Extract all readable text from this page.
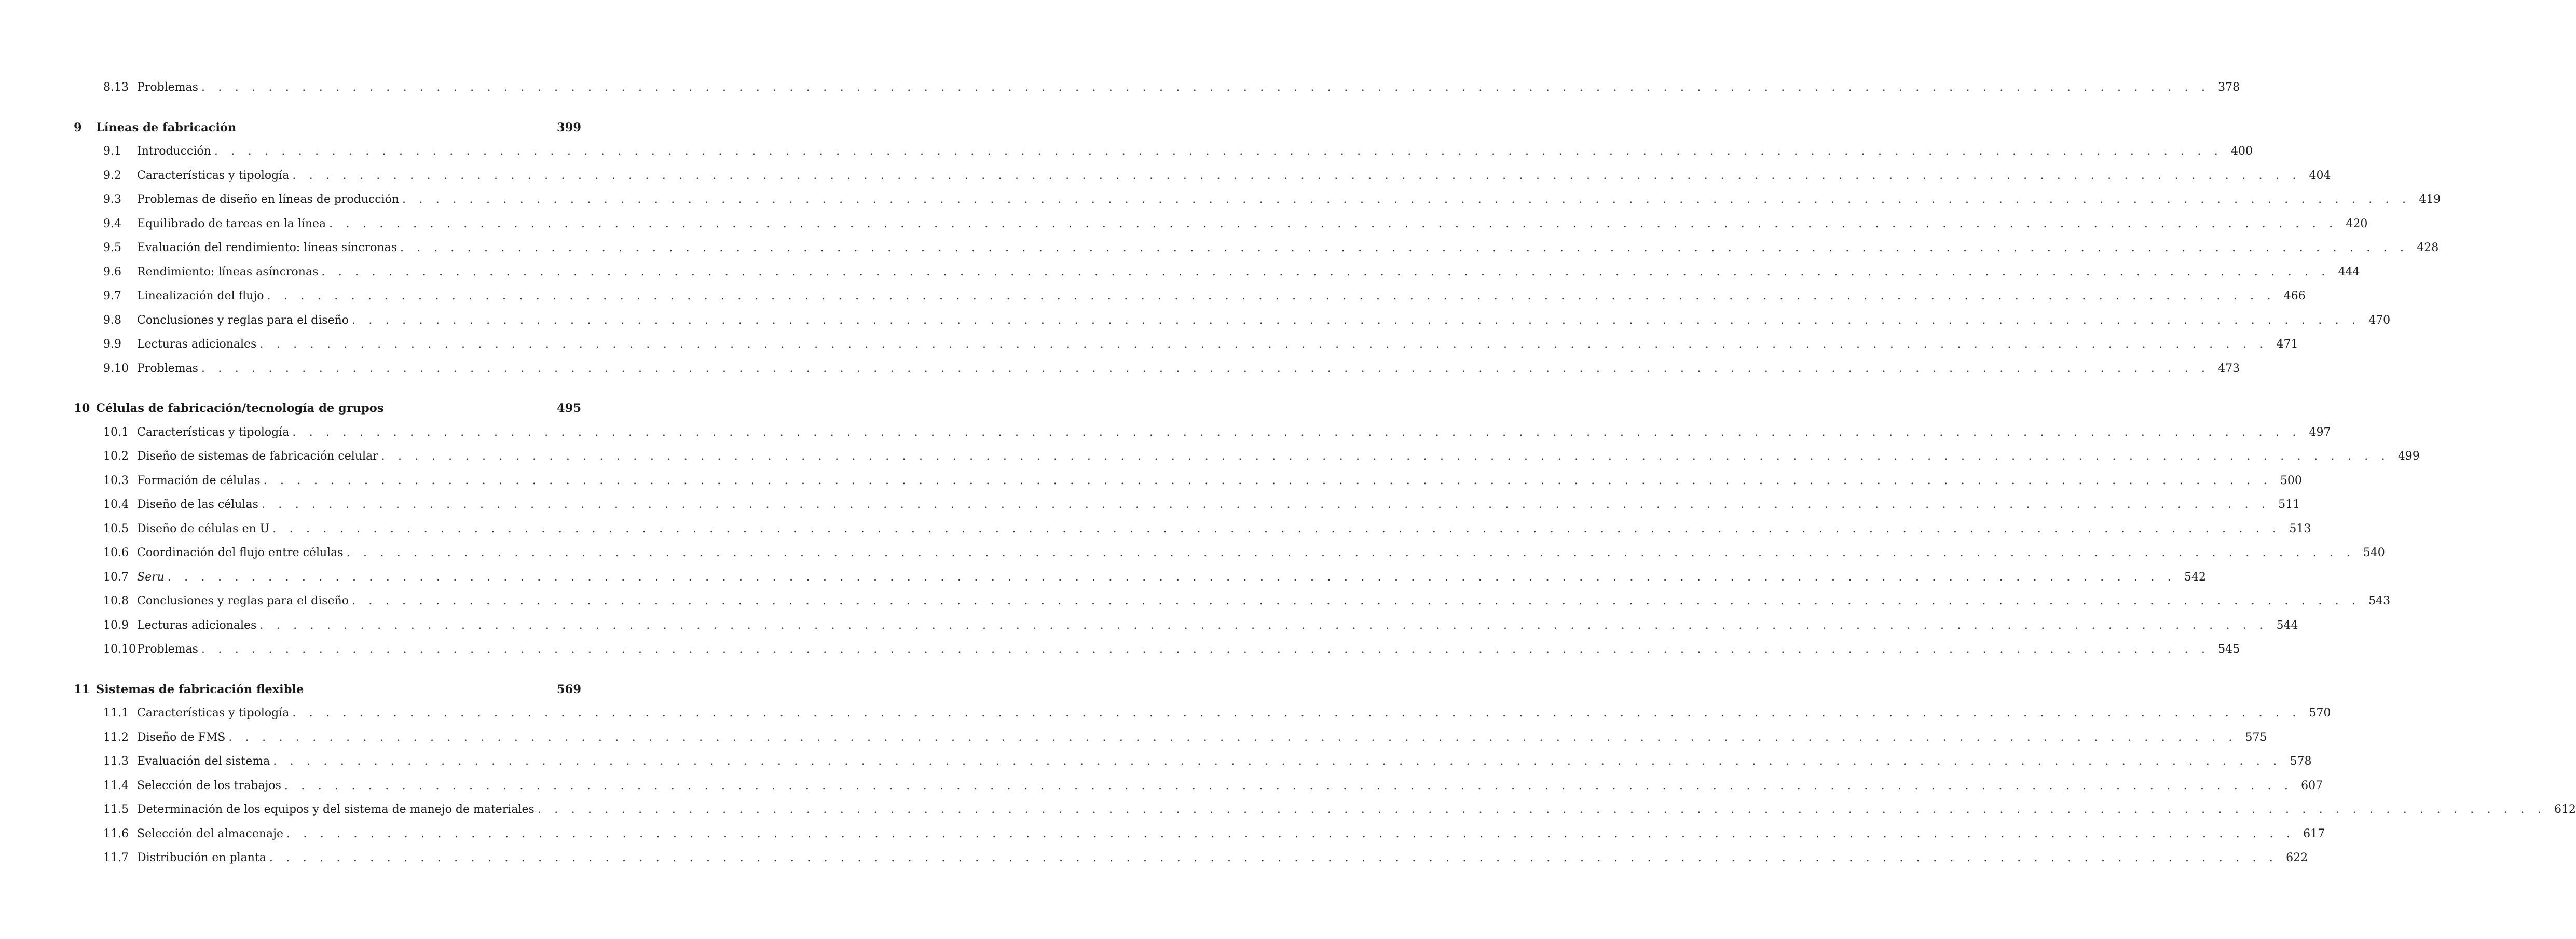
8.13 Problemas . . . . . . . . . . . . . . . . . . . . . . . . . . . . . . . . . . . . . . . . . . . . . . . . . . . . . . . . . . . . . . . . . . . . . . . . . . . . . . . . . . . . . . . . . . . . . . . . . . . . . . . . . . . . . . . . . . . . . . . . 378
9 Líneas de fabricación	399
9.1	Introducción . . . . . . . . . . . . . . . . . . . . . . . . . . . . . . . . . . . . . . . . . . . . . . . . . . . . . . . . . . . . . . . . . . . . . . . . . . . . . . . . . . . . . . . . . . . . . . . . . . . . . . . . . . . . . . . . . . . . . . . . 400
9.2	Características y tipología . . . . . . . . . . . . . . . . . . . . . . . . . . . . . . . . . . . . . . . . . . . . . . . . . . . . . . . . . . . . . . . . . . . . . . . . . . . . . . . . . . . . . . . . . . . . . . . . . . . . . . . . . . . . . . . . . . . . . . . . 404
9.3	Problemas de diseño en líneas de producción . . . . . . . . . . . . . . . . . . . . . . . . . . . . . . . . . . . . . . . . . . . . . . . . . . . . . . . . . . . . . . . . . . . . . . . . . . . . . . . . . . . . . . . . . . . . . . . . . . . . . . . . . . . . . . . . . . . . . . . . 419
9.4	Equilibrado de tareas en la línea . . . . . . . . . . . . . . . . . . . . . . . . . . . . . . . . . . . . . . . . . . . . . . . . . . . . . . . . . . . . . . . . . . . . . . . . . . . . . . . . . . . . . . . . . . . . . . . . . . . . . . . . . . . . . . . . . . . . . . . . 420
9.5	Evaluación del rendimiento: líneas síncronas . . . . . . . . . . . . . . . . . . . . . . . . . . . . . . . . . . . . . . . . . . . . . . . . . . . . . . . . . . . . . . . . . . . . . . . . . . . . . . . . . . . . . . . . . . . . . . . . . . . . . . . . . . . . . . . . . . . . . . . . 428
9.6	Rendimiento: líneas asíncronas . . . . . . . . . . . . . . . . . . . . . . . . . . . . . . . . . . . . . . . . . . . . . . . . . . . . . . . . . . . . . . . . . . . . . . . . . . . . . . . . . . . . . . . . . . . . . . . . . . . . . . . . . . . . . . . . . . . . . . . . 444
9.7	Linealización del flujo . . . . . . . . . . . . . . . . . . . . . . . . . . . . . . . . . . . . . . . . . . . . . . . . . . . . . . . . . . . . . . . . . . . . . . . . . . . . . . . . . . . . . . . . . . . . . . . . . . . . . . . . . . . . . . . . . . . . . . . . 466
9.8	Conclusiones y reglas para el diseño . . . . . . . . . . . . . . . . . . . . . . . . . . . . . . . . . . . . . . . . . . . . . . . . . . . . . . . . . . . . . . . . . . . . . . . . . . . . . . . . . . . . . . . . . . . . . . . . . . . . . . . . . . . . . . . . . . . . . . . . 470
9.9	Lecturas adicionales . . . . . . . . . . . . . . . . . . . . . . . . . . . . . . . . . . . . . . . . . . . . . . . . . . . . . . . . . . . . . . . . . . . . . . . . . . . . . . . . . . . . . . . . . . . . . . . . . . . . . . . . . . . . . . . . . . . . . . . . 471
9.10 Problemas . . . . . . . . . . . . . . . . . . . . . . . . . . . . . . . . . . . . . . . . . . . . . . . . . . . . . . . . . . . . . . . . . . . . . . . . . . . . . . . . . . . . . . . . . . . . . . . . . . . . . . . . . . . . . . . . . . . . . . . . 473
10 Células de fabricación/tecnología de grupos	495
10.1 Características y tipología . . . . . . . . . . . . . . . . . . . . . . . . . . . . . . . . . . . . . . . . . . . . . . . . . . . . . . . . . . . . . . . . . . . . . . . . . . . . . . . . . . . . . . . . . . . . . . . . . . . . . . . . . . . . . . . . . . . . . . . . 497
10.2 Diseño de sistemas de fabricación celular . . . . . . . . . . . . . . . . . . . . . . . . . . . . . . . . . . . . . . . . . . . . . . . . . . . . . . . . . . . . . . . . . . . . . . . . . . . . . . . . . . . . . . . . . . . . . . . . . . . . . . . . . . . . . . . . . . . . . . . . 499
10.3 Formación de células . . . . . . . . . . . . . . . . . . . . . . . . . . . . . . . . . . . . . . . . . . . . . . . . . . . . . . . . . . . . . . . . . . . . . . . . . . . . . . . . . . . . . . . . . . . . . . . . . . . . . . . . . . . . . . . . . . . . . . . . 500
10.4 Diseño de las células . . . . . . . . . . . . . . . . . . . . . . . . . . . . . . . . . . . . . . . . . . . . . . . . . . . . . . . . . . . . . . . . . . . . . . . . . . . . . . . . . . . . . . . . . . . . . . . . . . . . . . . . . . . . . . . . . . . . . . . . 511
10.5 Diseño de células en U . . . . . . . . . . . . . . . . . . . . . . . . . . . . . . . . . . . . . . . . . . . . . . . . . . . . . . . . . . . . . . . . . . . . . . . . . . . . . . . . . . . . . . . . . . . . . . . . . . . . . . . . . . . . . . . . . . . . . . . . 513
10.6 Coordinación del flujo entre células . . . . . . . . . . . . . . . . . . . . . . . . . . . . . . . . . . . . . . . . . . . . . . . . . . . . . . . . . . . . . . . . . . . . . . . . . . . . . . . . . . . . . . . . . . . . . . . . . . . . . . . . . . . . . . . . . . . . . . . . 540
10.7 Seru . . . . . . . . . . . . . . . . . . . . . . . . . . . . . . . . . . . . . . . . . . . . . . . . . . . . . . . . . . . . . . . . . . . . . . . . . . . . . . . . . . . . . . . . . . . . . . . . . . . . . . . . . . . . . . . . . . . . . . . . 542
10.8 Conclusiones y reglas para el diseño . . . . . . . . . . . . . . . . . . . . . . . . . . . . . . . . . . . . . . . . . . . . . . . . . . . . . . . . . . . . . . . . . . . . . . . . . . . . . . . . . . . . . . . . . . . . . . . . . . . . . . . . . . . . . . . . . . . . . . . . 543
10.9 Lecturas adicionales . . . . . . . . . . . . . . . . . . . . . . . . . . . . . . . . . . . . . . . . . . . . . . . . . . . . . . . . . . . . . . . . . . . . . . . . . . . . . . . . . . . . . . . . . . . . . . . . . . . . . . . . . . . . . . . . . . . . . . . . 544
10.10 Problemas . . . . . . . . . . . . . . . . . . . . . . . . . . . . . . . . . . . . . . . . . . . . . . . . . . . . . . . . . . . . . . . . . . . . . . . . . . . . . . . . . . . . . . . . . . . . . . . . . . . . . . . . . . . . . . . . . . . . . . . . 545
11 Sistemas de fabricación flexible	569
11.1 Características y tipología . . . . . . . . . . . . . . . . . . . . . . . . . . . . . . . . . . . . . . . . . . . . . . . . . . . . . . . . . . . . . . . . . . . . . . . . . . . . . . . . . . . . . . . . . . . . . . . . . . . . . . . . . . . . . . . . . . . . . . . . 570
11.2 Diseño de FMS . . . . . . . . . . . . . . . . . . . . . . . . . . . . . . . . . . . . . . . . . . . . . . . . . . . . . . . . . . . . . . . . . . . . . . . . . . . . . . . . . . . . . . . . . . . . . . . . . . . . . . . . . . . . . . . . . . . . . . . . 575
11.3 Evaluación del sistema . . . . . . . . . . . . . . . . . . . . . . . . . . . . . . . . . . . . . . . . . . . . . . . . . . . . . . . . . . . . . . . . . . . . . . . . . . . . . . . . . . . . . . . . . . . . . . . . . . . . . . . . . . . . . . . . . . . . . . . . 578
11.4 Selección de los trabajos . . . . . . . . . . . . . . . . . . . . . . . . . . . . . . . . . . . . . . . . . . . . . . . . . . . . . . . . . . . . . . . . . . . . . . . . . . . . . . . . . . . . . . . . . . . . . . . . . . . . . . . . . . . . . . . . . . . . . . . . 607
11.5 Determinación de los equipos y del sistema de manejo de materiales . . . . . . . . . . . . . . . . . . . . . . . . . . . . . . . . . . . . . . . . . . . . . . . . . . . . . . . . . . . . . . . . . . . . . . . . . . . . . . . . . . . . . . . . . . . . . . . . . . . . . . . . . . . . . . . . . . . . . . . . 612
11.6 Selección del almacenaje . . . . . . . . . . . . . . . . . . . . . . . . . . . . . . . . . . . . . . . . . . . . . . . . . . . . . . . . . . . . . . . . . . . . . . . . . . . . . . . . . . . . . . . . . . . . . . . . . . . . . . . . . . . . . . . . . . . . . . . . 617
11.7 Distribución en planta . . . . . . . . . . . . . . . . . . . . . . . . . . . . . . . . . . . . . . . . . . . . . . . . . . . . . . . . . . . . . . . . . . . . . . . . . . . . . . . . . . . . . . . . . . . . . . . . . . . . . . . . . . . . . . . . . . . . . . . . 622
